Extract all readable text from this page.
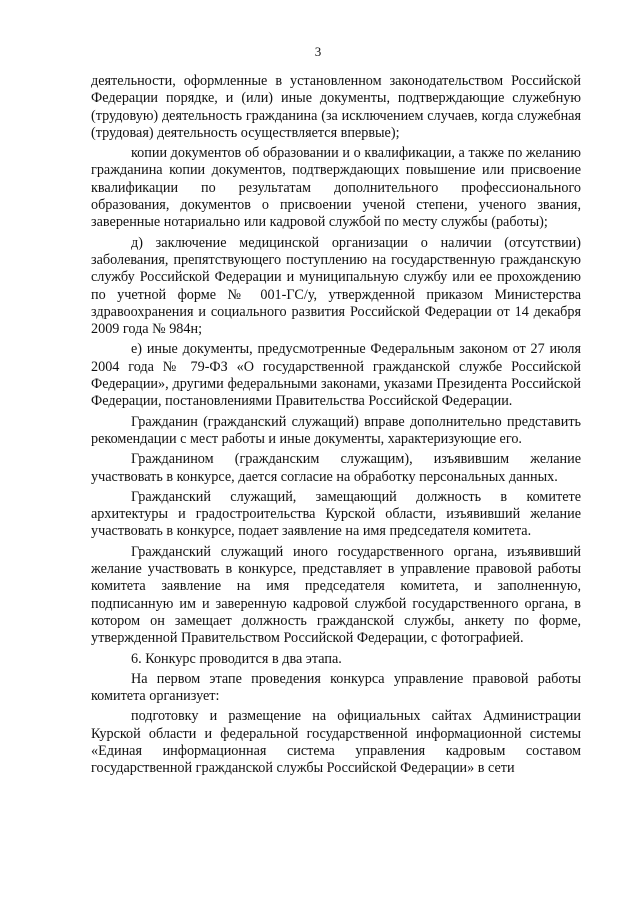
3

деятельности, оформленные в установленном законодательством Российской Федерации порядке, и (или) иные документы, подтверждающие служебную (трудовую) деятельность гражданина (за исключением случаев, когда служебная (трудовая) деятельность осуществляется впервые);

копии документов об образовании и о квалификации, а также по желанию гражданина копии документов, подтверждающих повышение или присвоение квалификации по результатам дополнительного профессионального образования, документов о присвоении ученой степени, ученого звания, заверенные нотариально или кадровой службой по месту службы (работы);

д) заключение медицинской организации о наличии (отсутствии) заболевания, препятствующего поступлению на государственную гражданскую службу Российской Федерации и муниципальную службу или ее прохождению по учетной форме № 001-ГС/у, утвержденной приказом Министерства здравоохранения и социального развития Российской Федерации от 14 декабря 2009 года № 984н;

е) иные документы, предусмотренные Федеральным законом от 27 июля 2004 года № 79-ФЗ «О государственной гражданской службе Российской Федерации», другими федеральными законами, указами Президента Российской Федерации, постановлениями Правительства Российской Федерации.

Гражданин (гражданский служащий) вправе дополнительно представить рекомендации с мест работы и иные документы, характеризующие его.

Гражданином (гражданским служащим), изъявившим желание участвовать в конкурсе, дается согласие на обработку персональных данных.

Гражданский служащий, замещающий должность в комитете архитектуры и градостроительства Курской области, изъявивший желание участвовать в конкурсе, подает заявление на имя председателя комитета.

Гражданский служащий иного государственного органа, изъявивший желание участвовать в конкурсе, представляет в управление правовой работы комитета заявление на имя председателя комитета, и заполненную, подписанную им и заверенную кадровой службой государственного органа, в котором он замещает должность гражданской службы, анкету по форме, утвержденной Правительством Российской Федерации, с фотографией.

6. Конкурс проводится в два этапа.

На первом этапе проведения конкурса управление правовой работы комитета организует:

подготовку и размещение на официальных сайтах Администрации Курской области и федеральной государственной информационной системы «Единая информационная система управления кадровым составом государственной гражданской службы Российской Федерации» в сети
